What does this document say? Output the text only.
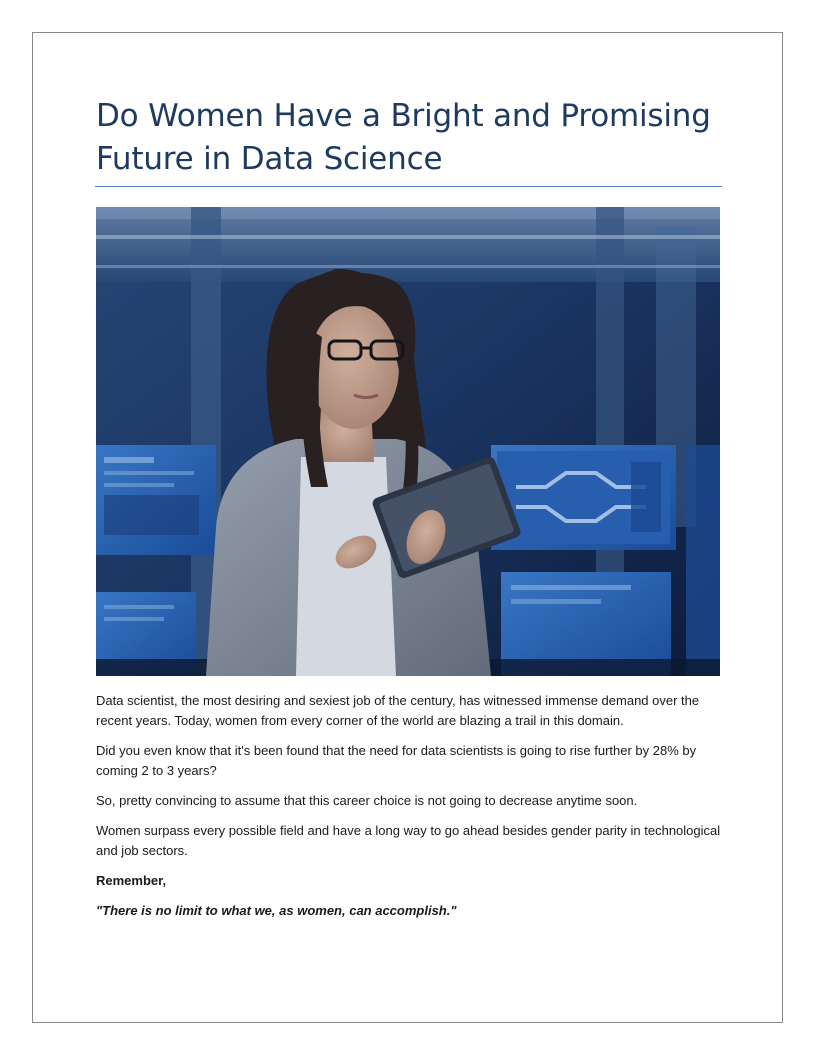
Do Women Have a Bright and Promising Future in Data Science

Data scientist, the most desiring and sexiest job of the century, has witnessed immense demand over the recent years. Today, women from every corner of the world are blazing a trail in this domain.

Did you even know that it's been found that the need for data scientists is going to rise further by 28% by coming 2 to 3 years?

So, pretty convincing to assume that this career choice is not going to decrease anytime soon.

Women surpass every possible field and have a long way to go ahead besides gender parity in technological and job sectors.

Remember,

"There is no limit to what we, as women, can accomplish."
